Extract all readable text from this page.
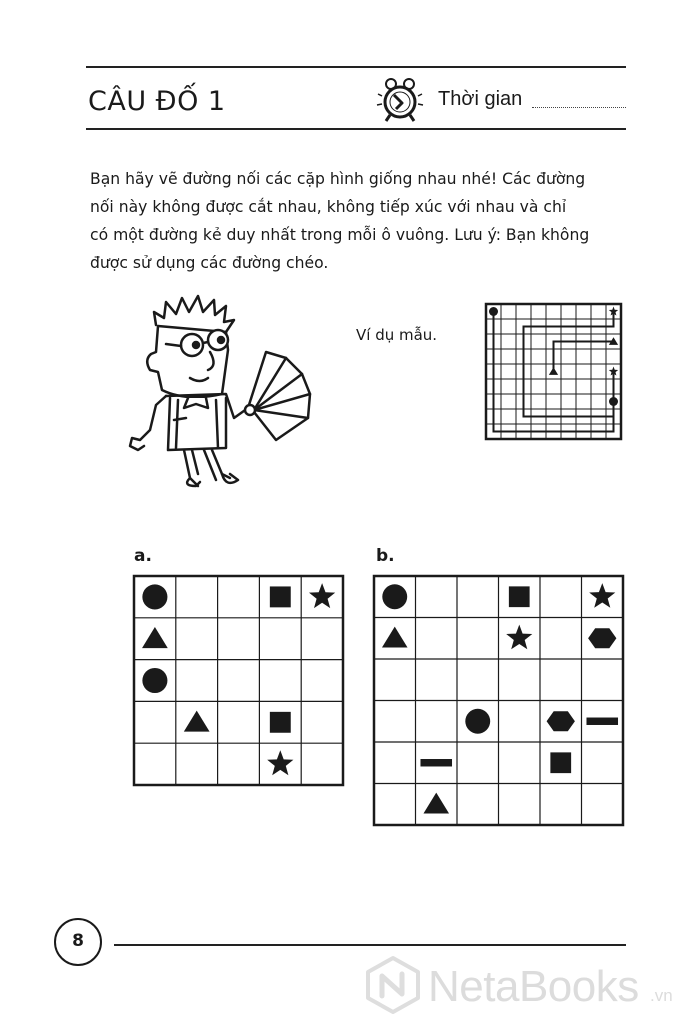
CÂU ĐỐ 1	Thời gian

Bạn hãy vẽ đường nối các cặp hình giống nhau nhé! Các đường

nối này không được cắt nhau, không tiếp xúc với nhau và chỉ

có một đường kẻ duy nhất trong mỗi ô vuông. Lưu ý: Bạn không

được sử dụng các đường chéo.

Ví dụ mẫu.
a.	b.
8
NetaBooks .vn
